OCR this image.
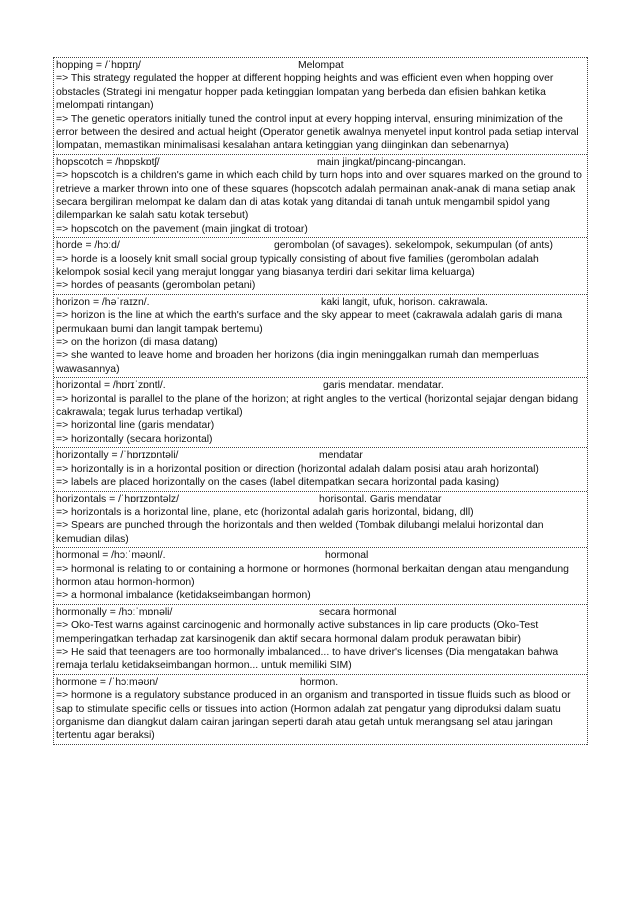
hopping = /ˈhɒpɪŋ/	Melompat
=> This strategy regulated the hopper at different hopping heights and was efficient even when hopping over obstacles (Strategi ini mengatur hopper pada ketinggian lompatan yang berbeda dan efisien bahkan ketika melompati rintangan)
=> The genetic operators initially tuned the control input at every hopping interval, ensuring minimization of the error between the desired and actual height (Operator genetik awalnya menyetel input kontrol pada setiap interval lompatan, memastikan minimalisasi kesalahan antara ketinggian yang diinginkan dan sebenarnya)
hopscotch = /hɒpskɒtʃ/	main jingkat/pincang-pincangan.
=> hopscotch is a children's game in which each child by turn hops into and over squares marked on the ground to retrieve a marker thrown into one of these squares (hopscotch adalah permainan anak-anak di mana setiap anak secara bergiliran melompat ke dalam dan di atas kotak yang ditandai di tanah untuk mengambil spidol yang dilemparkan ke salah satu kotak tersebut)
=> hopscotch on the pavement (main jingkat di trotoar)
horde = /hɔːd/	gerombolan (of savages). sekelompok, sekumpulan (of ants)
=> horde is a loosely knit small social group typically consisting of about five families (gerombolan adalah kelompok sosial kecil yang merajut longgar yang biasanya terdiri dari sekitar lima keluarga)
=> hordes of peasants (gerombolan petani)
horizon = /həˈraɪzn/.	kaki langit, ufuk, horison. cakrawala.
=> horizon is the line at which the earth's surface and the sky appear to meet (cakrawala adalah garis di mana permukaan bumi dan langit tampak bertemu)
=> on the horizon (di masa datang)
=> she wanted to leave home and broaden her horizons (dia ingin meninggalkan rumah dan memperluas wawasannya)
horizontal = /hɒrɪˈzɒntl/.	garis mendatar. mendatar.
=> horizontal is parallel to the plane of the horizon; at right angles to the vertical (horizontal sejajar dengan bidang cakrawala; tegak lurus terhadap vertikal)
=> horizontal line (garis mendatar)
=> horizontally (secara horizontal)
horizontally = /ˈhɒrɪzɒntəli/	mendatar
=> horizontally is in a horizontal position or direction (horizontal adalah dalam posisi atau arah horizontal)
=> labels are placed horizontally on the cases (label ditempatkan secara horizontal pada kasing)
horizontals = /ˈhɒrɪzɒntəlz/	horisontal. Garis mendatar
=> horizontals is a horizontal line, plane, etc (horizontal adalah garis horizontal, bidang, dll)
=> Spears are punched through the horizontals and then welded (Tombak dilubangi melalui horizontal dan kemudian dilas)
hormonal = /hɔːˈməʊnl/.	hormonal
=> hormonal is relating to or containing a hormone or hormones (hormonal berkaitan dengan atau mengandung hormon atau hormon-hormon)
=> a hormonal imbalance (ketidakseimbangan hormon)
hormonally = /hɔːˈmɒnəli/	secara hormonal
=> Oko-Test warns against carcinogenic and hormonally active substances in lip care products (Oko-Test memperingatkan terhadap zat karsinogenik dan aktif secara hormonal dalam produk perawatan bibir)
=> He said that teenagers are too hormonally imbalanced... to have driver's licenses (Dia mengatakan bahwa remaja terlalu ketidakseimbangan hormon... untuk memiliki SIM)
hormone = /ˈhɔːməʊn/	hormon.
=> hormone is a regulatory substance produced in an organism and transported in tissue fluids such as blood or sap to stimulate specific cells or tissues into action (Hormon adalah zat pengatur yang diproduksi dalam suatu organisme dan diangkut dalam cairan jaringan seperti darah atau getah untuk merangsang sel atau jaringan tertentu agar beraksi)
